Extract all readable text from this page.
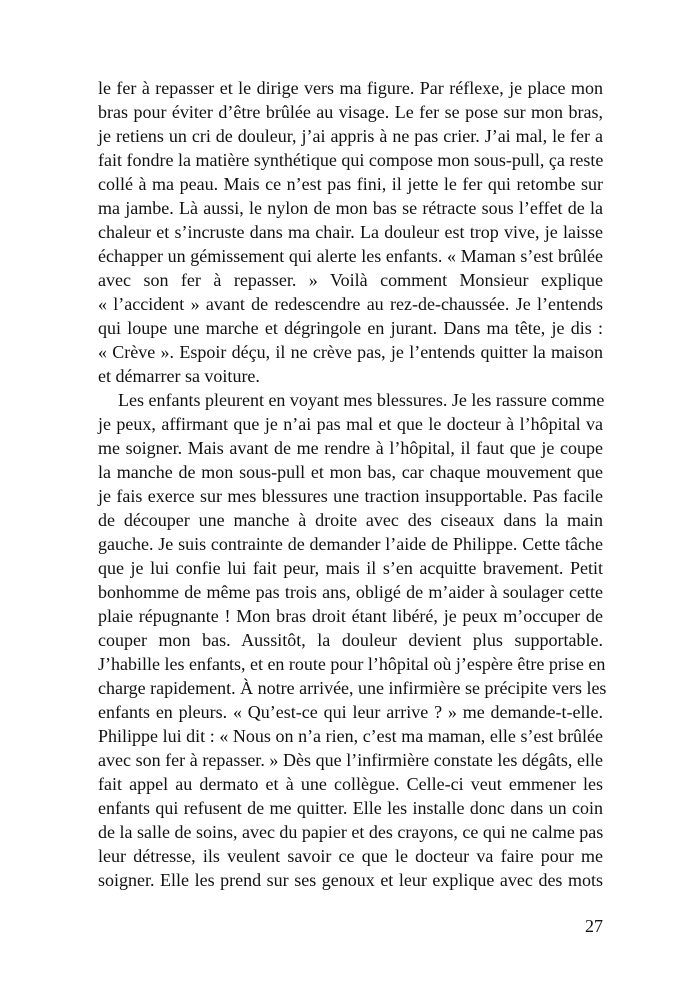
le fer à repasser et le dirige vers ma figure. Par réflexe, je place mon
bras pour éviter d’être brûlée au visage. Le fer se pose sur mon bras,
je retiens un cri de douleur, j’ai appris à ne pas crier. J’ai mal, le fer a
fait fondre la matière synthétique qui compose mon sous-pull, ça reste
collé à ma peau. Mais ce n’est pas fini, il jette le fer qui retombe sur
ma jambe. Là aussi, le nylon de mon bas se rétracte sous l’effet de la
chaleur et s’incruste dans ma chair. La douleur est trop vive, je laisse
échapper un gémissement qui alerte les enfants. « Maman s’est brûlée
avec son fer à repasser. » Voilà comment Monsieur explique
« l’accident » avant de redescendre au rez-de-chaussée. Je l’entends
qui loupe une marche et dégringole en jurant. Dans ma tête, je dis :
« Crève ». Espoir déçu, il ne crève pas, je l’entends quitter la maison
et démarrer sa voiture.
Les enfants pleurent en voyant mes blessures. Je les rassure comme
je peux, affirmant que je n’ai pas mal et que le docteur à l’hôpital va
me soigner. Mais avant de me rendre à l’hôpital, il faut que je coupe
la manche de mon sous-pull et mon bas, car chaque mouvement que
je fais exerce sur mes blessures une traction insupportable. Pas facile
de découper une manche à droite avec des ciseaux dans la main
gauche. Je suis contrainte de demander l’aide de Philippe. Cette tâche
que je lui confie lui fait peur, mais il s’en acquitte bravement. Petit
bonhomme de même pas trois ans, obligé de m’aider à soulager cette
plaie répugnante ! Mon bras droit étant libéré, je peux m’occuper de
couper mon bas. Aussitôt, la douleur devient plus supportable.
J’habille les enfants, et en route pour l’hôpital où j’espère être prise en
charge rapidement. À notre arrivée, une infirmière se précipite vers les
enfants en pleurs. « Qu’est-ce qui leur arrive ? » me demande-t-elle.
Philippe lui dit : « Nous on n’a rien, c’est ma maman, elle s’est brûlée
avec son fer à repasser. » Dès que l’infirmière constate les dégâts, elle
fait appel au dermato et à une collègue. Celle-ci veut emmener les
enfants qui refusent de me quitter. Elle les installe donc dans un coin
de la salle de soins, avec du papier et des crayons, ce qui ne calme pas
leur détresse, ils veulent savoir ce que le docteur va faire pour me
soigner. Elle les prend sur ses genoux et leur explique avec des mots
27
